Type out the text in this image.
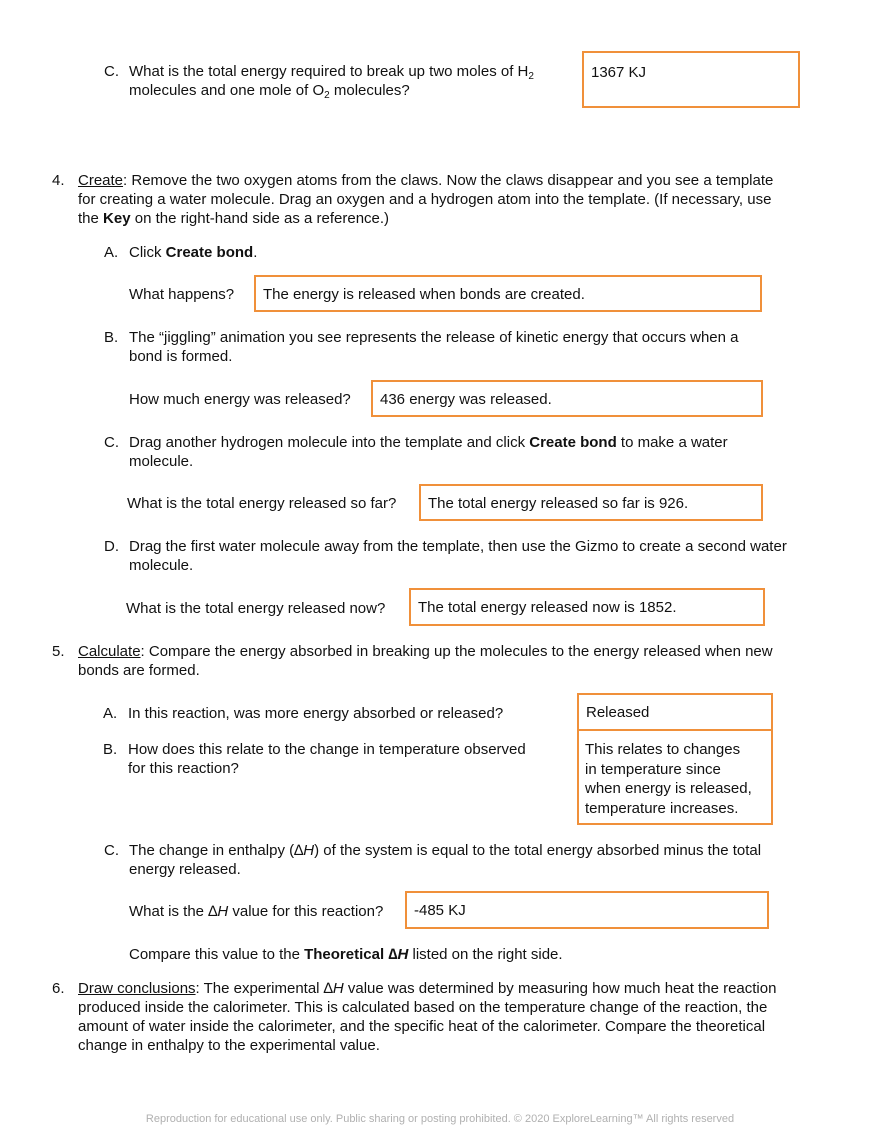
C. What is the total energy required to break up two moles of $H_2$
molecules and one mole of $O_2$ molecules?
1367 KJ
4. Create: Remove the two oxygen atoms from the claws. Now the claws disappear and you see a template
for creating a water molecule. Drag an oxygen and a hydrogen atom into the template. (If necessary, use
the Key on the right-hand side as a reference.)
A. Click Create bond.
What happens? The energy is released when bonds are created.
B. The “jiggling” animation you see represents the release of kinetic energy that occurs when a
bond is formed.
How much energy was released? 436 energy was released.
C. Drag another hydrogen molecule into the template and click Create bond to make a water
molecule.
What is the total energy released so far? The total energy released so far is 926.
D. Drag the first water molecule away from the template, then use the Gizmo to create a second water
molecule.
What is the total energy released now? The total energy released now is 1852.
5. Calculate: Compare the energy absorbed in breaking up the molecules to the energy released when new
bonds are formed.
A. In this reaction, was more energy absorbed or released?	Released
B. How does this relate to the change in temperature observed
for this reaction?
This relates to changes
in temperature since
when energy is released,
temperature increases.
C. The change in enthalpy (∆H) of the system is equal to the total energy absorbed minus the total
energy released.
What is the ∆H value for this reaction? -485 KJ
Compare this value to the Theoretical ∆H listed on the right side.
6. Draw conclusions: The experimental ∆H value was determined by measuring how much heat the reaction
produced inside the calorimeter. This is calculated based on the temperature change of the reaction, the
amount of water inside the calorimeter, and the specific heat of the calorimeter. Compare the theoretical
change in enthalpy to the experimental value.
Reproduction for educational use only. Public sharing or posting prohibited. © 2020 ExploreLearning™ All rights reserved
